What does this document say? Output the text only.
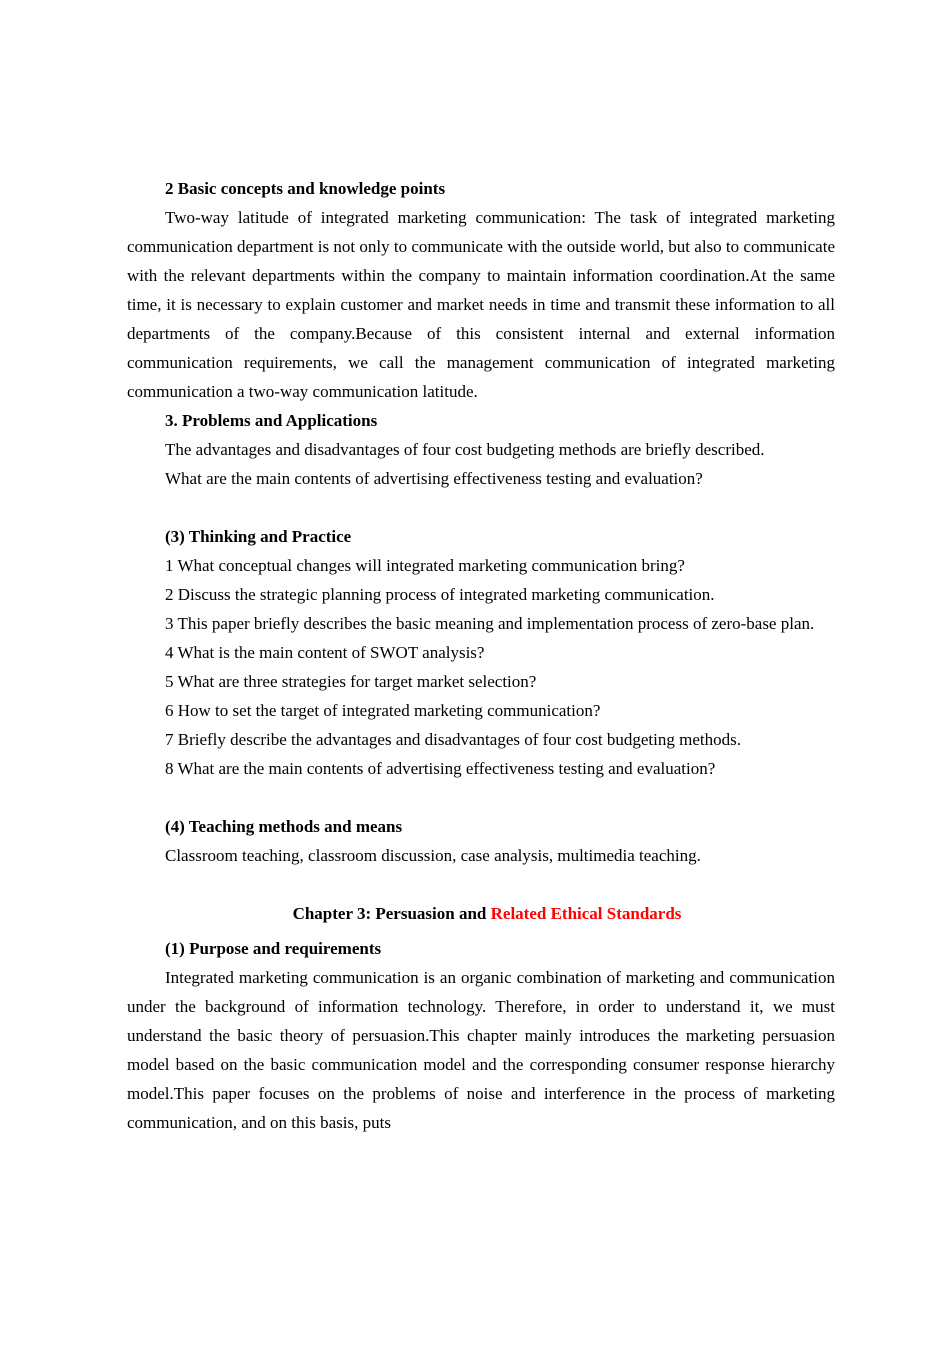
2 Basic concepts and knowledge points

Two-way latitude of integrated marketing communication: The task of integrated marketing communication department is not only to communicate with the outside world, but also to communicate with the relevant departments within the company to maintain information coordination.At the same time, it is necessary to explain customer and market needs in time and transmit these information to all departments of the company.Because of this consistent internal and external information communication requirements, we call the management communication of integrated marketing communication a two-way communication latitude.

3. Problems and Applications

The advantages and disadvantages of four cost budgeting methods are briefly described.

What are the main contents of advertising effectiveness testing and evaluation?

(3) Thinking and Practice

1 What conceptual changes will integrated marketing communication bring?

2 Discuss the strategic planning process of integrated marketing communication.

3 This paper briefly describes the basic meaning and implementation process of zero-base plan.

4 What is the main content of SWOT analysis?

5 What are three strategies for target market selection?

6 How to set the target of integrated marketing communication?

7 Briefly describe the advantages and disadvantages of four cost budgeting methods.

8 What are the main contents of advertising effectiveness testing and evaluation?

(4) Teaching methods and means

Classroom teaching, classroom discussion, case analysis, multimedia teaching.

Chapter 3: Persuasion and Related Ethical Standards

(1) Purpose and requirements

Integrated marketing communication is an organic combination of marketing and communication under the background of information technology. Therefore, in order to understand it, we must understand the basic theory of persuasion.This chapter mainly introduces the marketing persuasion model based on the basic communication model and the corresponding consumer response hierarchy model.This paper focuses on the problems of noise and interference in the process of marketing communication, and on this basis, puts
